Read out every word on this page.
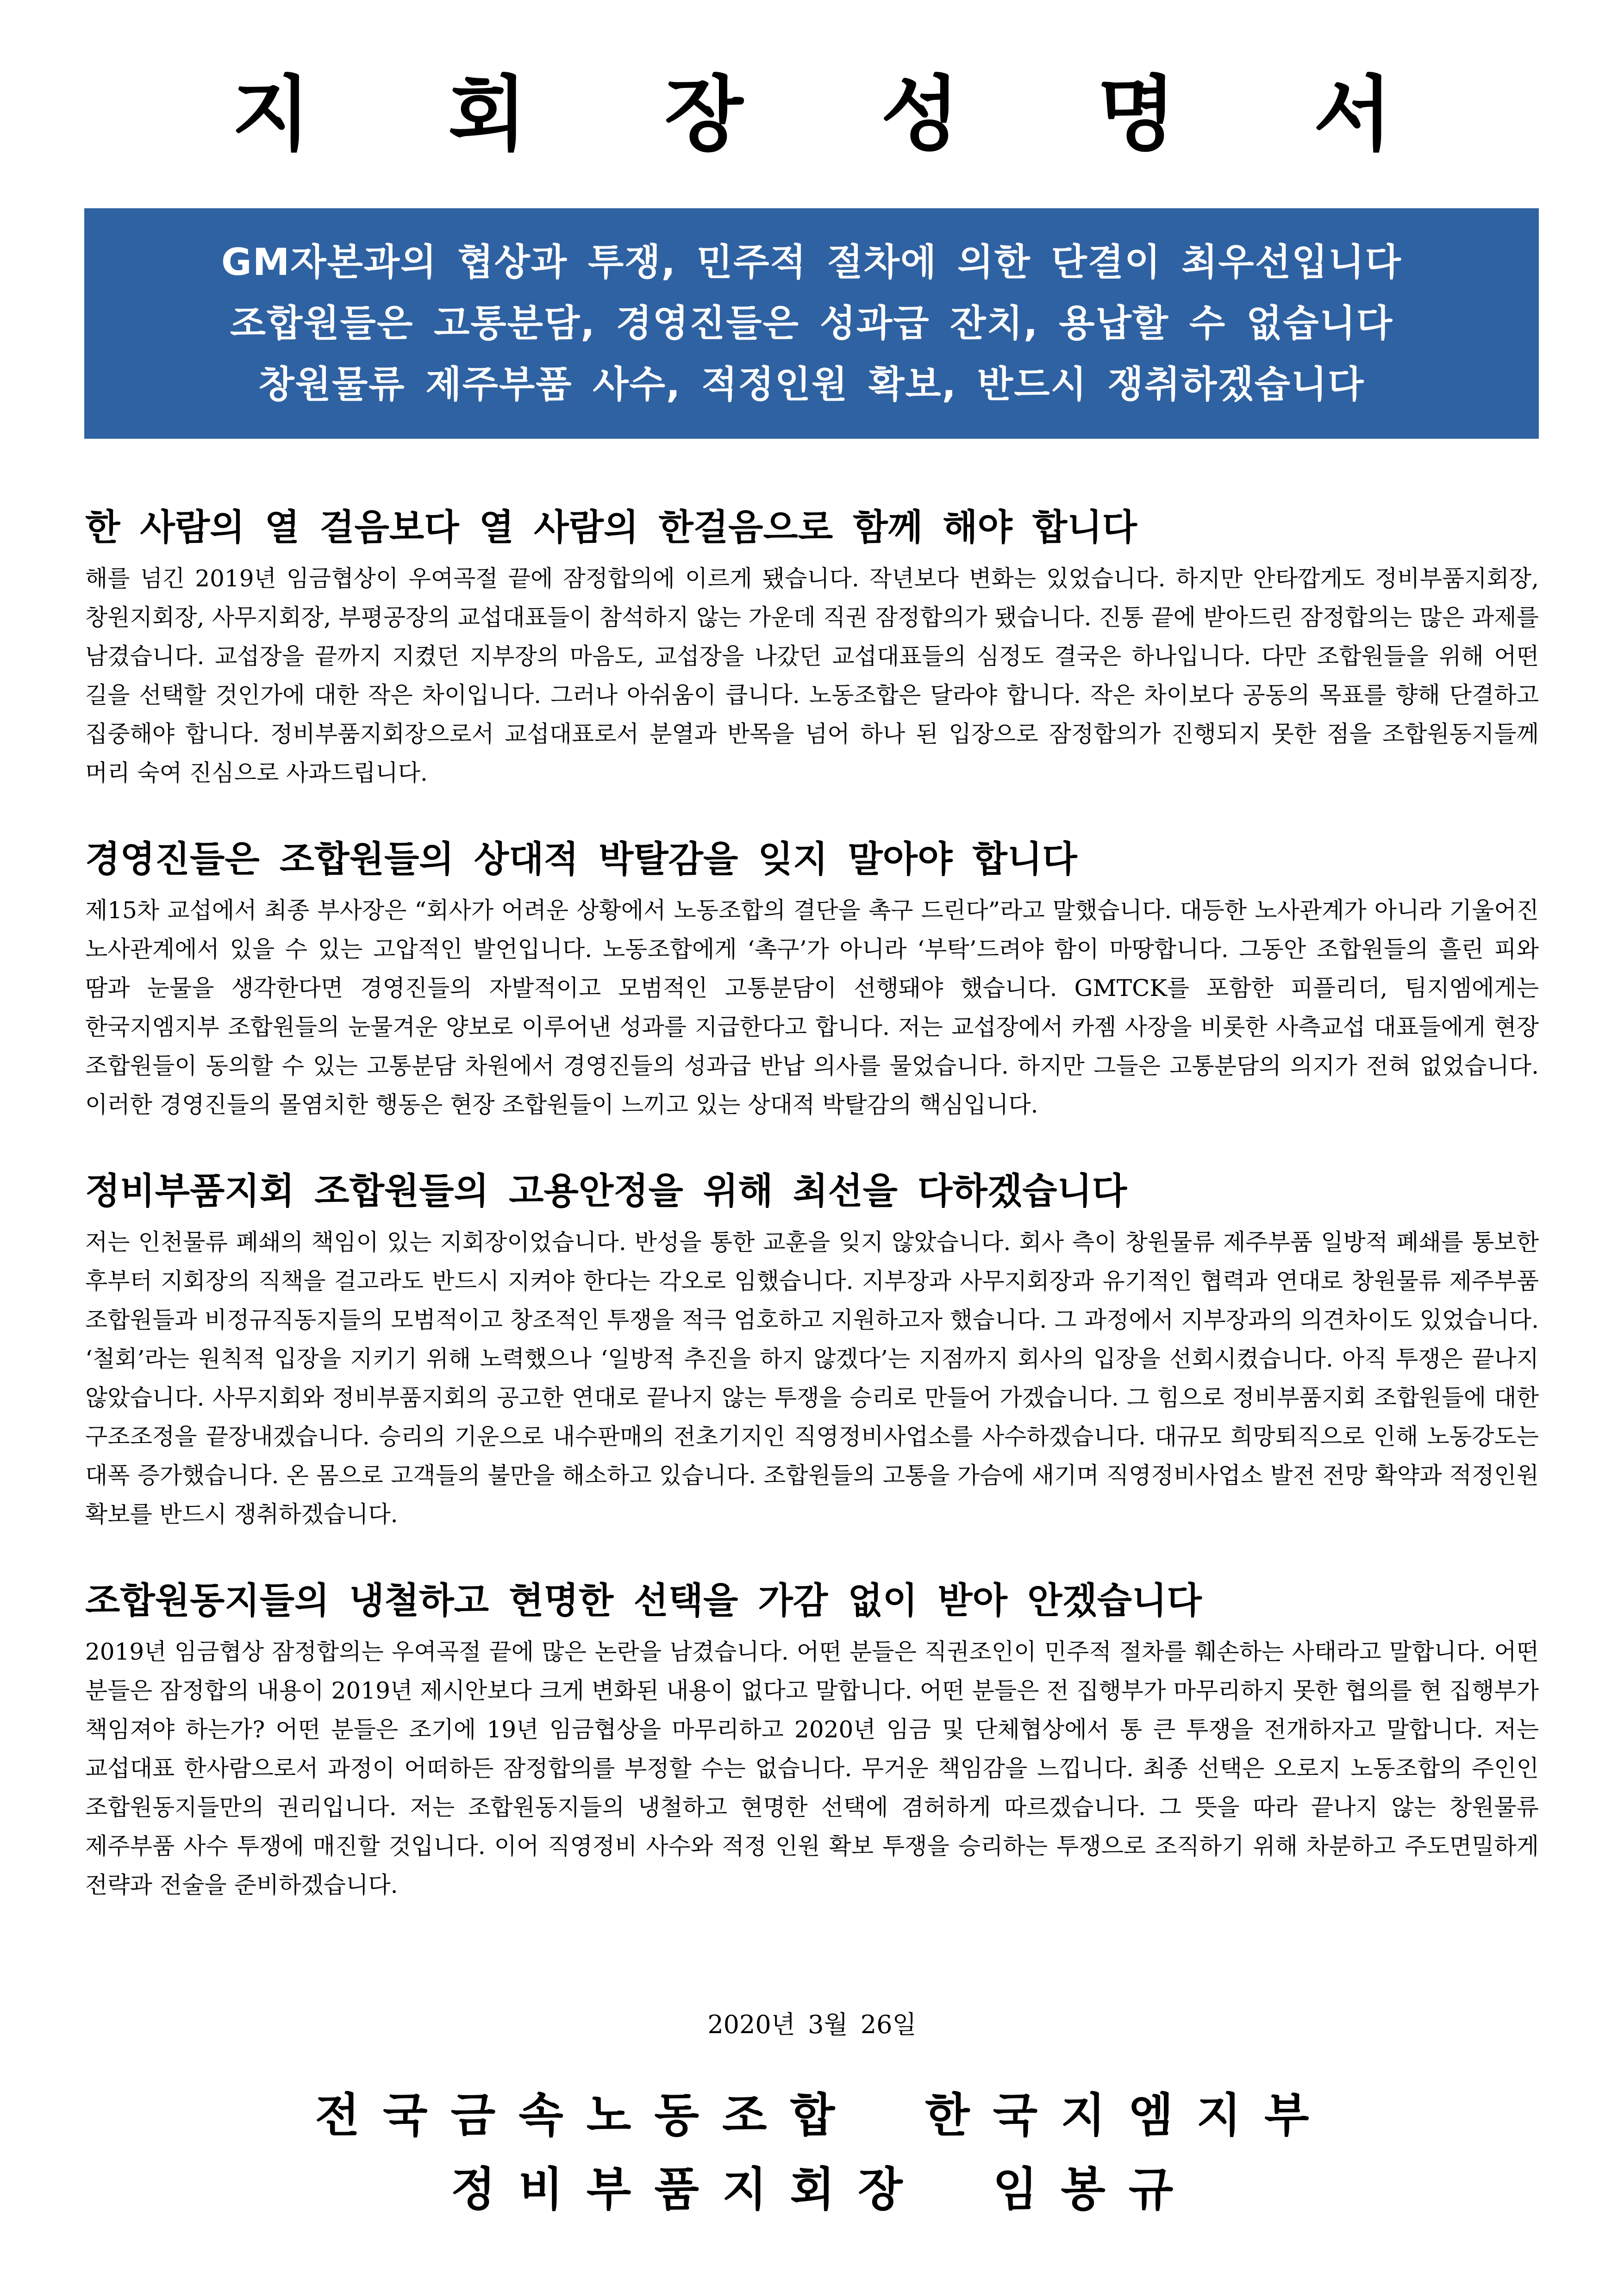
지 회 장 성 명 서
GM자본과의 협상과 투쟁, 민주적 절차에 의한 단결이 최우선입니다
조합원들은 고통분담, 경영진들은 성과급 잔치, 용납할 수 없습니다
창원물류 제주부품 사수, 적정인원 확보, 반드시 쟁취하겠습니다
한 사람의 열 걸음보다 열 사람의 한걸음으로 함께 해야 합니다

해를 넘긴 2019년 임금협상이 우여곡절 끝에 잠정합의에 이르게 됐습니다. 작년보다 변화는 있었습니다. 하지만 안타깝게도 정비부품지회장, 창원지회장, 사무지회장, 부평공장의 교섭대표들이 참석하지 않는 가운데 직권 잠정합의가 됐습니다. 진통 끝에 받아드린 잠정합의는 많은 과제를 남겼습니다. 교섭장을 끝까지 지켰던 지부장의 마음도, 교섭장을 나갔던 교섭대표들의 심정도 결국은 하나입니다. 다만 조합원들을 위해 어떤 길을 선택할 것인가에 대한 작은 차이입니다. 그러나 아쉬움이 큽니다. 노동조합은 달라야 합니다. 작은 차이보다 공동의 목표를 향해 단결하고 집중해야 합니다. 정비부품지회장으로서 교섭대표로서 분열과 반목을 넘어 하나 된 입장으로 잠정합의가 진행되지 못한 점을 조합원동지들께 머리 숙여 진심으로 사과드립니다.

경영진들은 조합원들의 상대적 박탈감을 잊지 말아야 합니다

제15차 교섭에서 최종 부사장은 “회사가 어려운 상황에서 노동조합의 결단을 촉구 드린다”라고 말했습니다. 대등한 노사관계가 아니라 기울어진 노사관계에서 있을 수 있는 고압적인 발언입니다. 노동조합에게 ‘촉구’가 아니라 ‘부탁’드려야 함이 마땅합니다. 그동안 조합원들의 흘린 피와 땀과 눈물을 생각한다면 경영진들의 자발적이고 모범적인 고통분담이 선행돼야 했습니다. GMTCK를 포함한 피플리더, 팀지엠에게는 한국지엠지부 조합원들의 눈물겨운 양보로 이루어낸 성과를 지급한다고 합니다. 저는 교섭장에서 카젬 사장을 비롯한 사측교섭 대표들에게 현장 조합원들이 동의할 수 있는 고통분담 차원에서 경영진들의 성과급 반납 의사를 물었습니다. 하지만 그들은 고통분담의 의지가 전혀 없었습니다. 이러한 경영진들의 몰염치한 행동은 현장 조합원들이 느끼고 있는 상대적 박탈감의 핵심입니다.

정비부품지회 조합원들의 고용안정을 위해 최선을 다하겠습니다

저는 인천물류 폐쇄의 책임이 있는 지회장이었습니다. 반성을 통한 교훈을 잊지 않았습니다. 회사 측이 창원물류 제주부품 일방적 폐쇄를 통보한 후부터 지회장의 직책을 걸고라도 반드시 지켜야 한다는 각오로 임했습니다. 지부장과 사무지회장과 유기적인 협력과 연대로 창원물류 제주부품 조합원들과 비정규직동지들의 모범적이고 창조적인 투쟁을 적극 엄호하고 지원하고자 했습니다. 그 과정에서 지부장과의 의견차이도 있었습니다. ‘철회’라는 원칙적 입장을 지키기 위해 노력했으나 ‘일방적 추진을 하지 않겠다’는 지점까지 회사의 입장을 선회시켰습니다. 아직 투쟁은 끝나지 않았습니다. 사무지회와 정비부품지회의 공고한 연대로 끝나지 않는 투쟁을 승리로 만들어 가겠습니다. 그 힘으로 정비부품지회 조합원들에 대한 구조조정을 끝장내겠습니다. 승리의 기운으로 내수판매의 전초기지인 직영정비사업소를 사수하겠습니다. 대규모 희망퇴직으로 인해 노동강도는 대폭 증가했습니다. 온 몸으로 고객들의 불만을 해소하고 있습니다. 조합원들의 고통을 가슴에 새기며 직영정비사업소 발전 전망 확약과 적정인원 확보를 반드시 쟁취하겠습니다.

조합원동지들의 냉철하고 현명한 선택을 가감 없이 받아 안겠습니다

2019년 임금협상 잠정합의는 우여곡절 끝에 많은 논란을 남겼습니다. 어떤 분들은 직권조인이 민주적 절차를 훼손하는 사태라고 말합니다. 어떤 분들은 잠정합의 내용이 2019년 제시안보다 크게 변화된 내용이 없다고 말합니다. 어떤 분들은 전 집행부가 마무리하지 못한 협의를 현 집행부가 책임져야 하는가? 어떤 분들은 조기에 19년 임금협상을 마무리하고 2020년 임금 및 단체협상에서 통 큰 투쟁을 전개하자고 말합니다. 저는 교섭대표 한사람으로서 과정이 어떠하든 잠정합의를 부정할 수는 없습니다. 무거운 책임감을 느낍니다. 최종 선택은 오로지 노동조합의 주인인 조합원동지들만의 권리입니다. 저는 조합원동지들의 냉철하고 현명한 선택에 겸허하게 따르겠습니다. 그 뜻을 따라 끝나지 않는 창원물류 제주부품 사수 투쟁에 매진할 것입니다. 이어 직영정비 사수와 적정 인원 확보 투쟁을 승리하는 투쟁으로 조직하기 위해 차분하고 주도면밀하게 전략과 전술을 준비하겠습니다.

2020년 3월 26일
전국금속노동조합 한국지엠지부
정비부품지회장 임봉규
